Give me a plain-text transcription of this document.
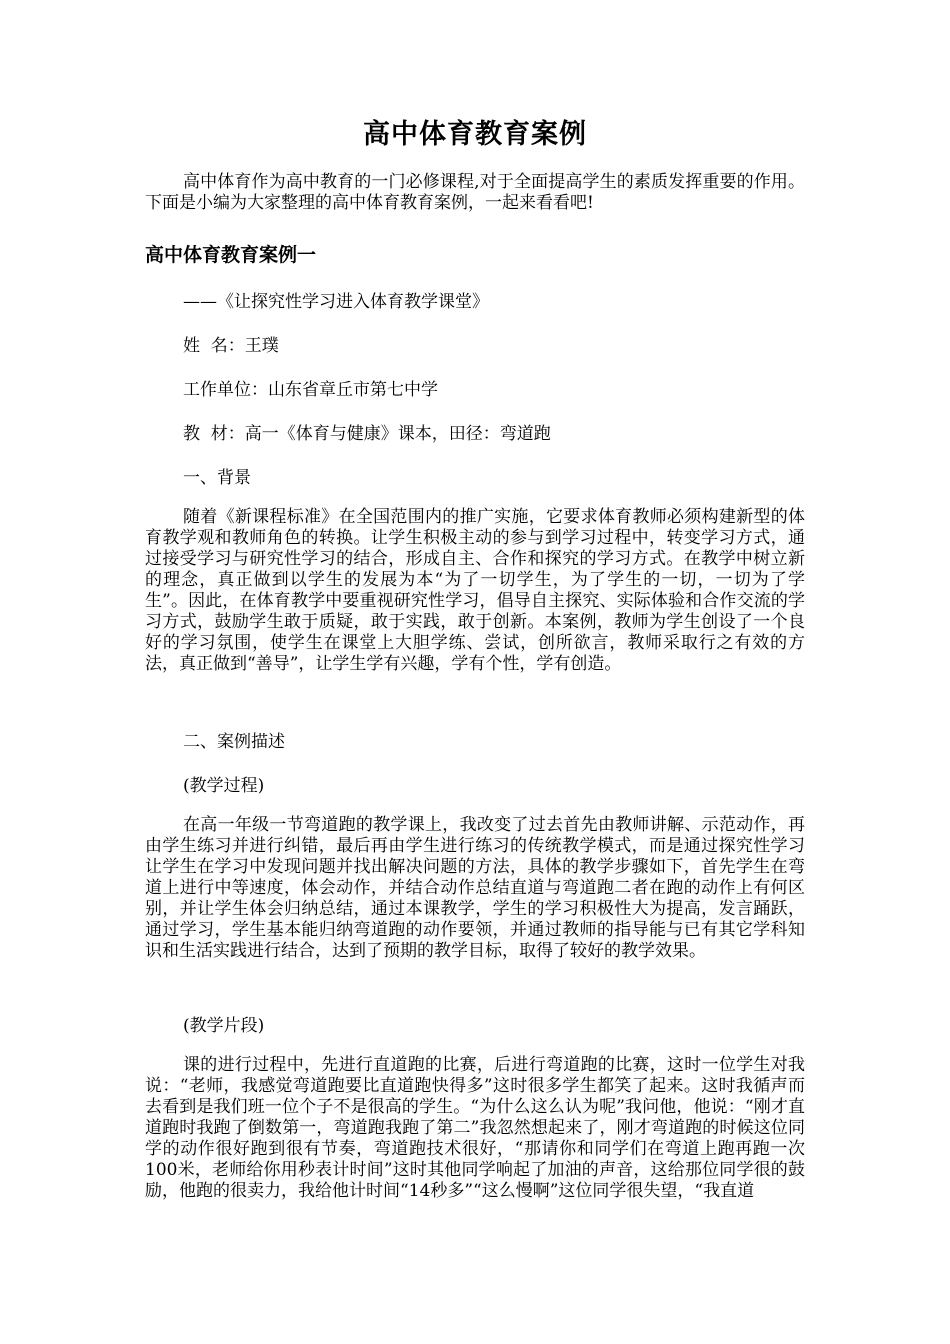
高中体育教育案例
高中体育作为高中教育的一门必修课程,对于全面提高学生的素质发挥重要的作用。下面是小编为大家整理的高中体育教育案例，一起来看看吧!
高中体育教育案例一
——《让探究性学习进入体育教学课堂》
姓  名：王璞
工作单位：山东省章丘市第七中学
教  材：高一《体育与健康》课本，田径：弯道跑
一、背景
随着《新课程标准》在全国范围内的推广实施，它要求体育教师必须构建新型的体育教学观和教师角色的转换。让学生积极主动的参与到学习过程中，转变学习方式，通过接受学习与研究性学习的结合，形成自主、合作和探究的学习方式。在教学中树立新的理念，真正做到以学生的发展为本“为了一切学生，为了学生的一切，一切为了学生”。因此，在体育教学中要重视研究性学习，倡导自主探究、实际体验和合作交流的学习方式，鼓励学生敢于质疑，敢于实践，敢于创新。本案例，教师为学生创设了一个良好的学习氛围，使学生在课堂上大胆学练、尝试，创所欲言，教师采取行之有效的方法，真正做到“善导”，让学生学有兴趣，学有个性，学有创造。
二、案例描述
(教学过程)
在高一年级一节弯道跑的教学课上，我改变了过去首先由教师讲解、示范动作，再由学生练习并进行纠错，最后再由学生进行练习的传统教学模式，而是通过探究性学习让学生在学习中发现问题并找出解决问题的方法，具体的教学步骤如下，首先学生在弯道上进行中等速度，体会动作，并结合动作总结直道与弯道跑二者在跑的动作上有何区别，并让学生体会归纳总结，通过本课教学，学生的学习积极性大为提高，发言踊跃，通过学习，学生基本能归纳弯道跑的动作要领，并通过教师的指导能与已有其它学科知识和生活实践进行结合，达到了预期的教学目标，取得了较好的教学效果。
(教学片段)
课的进行过程中，先进行直道跑的比赛，后进行弯道跑的比赛，这时一位学生对我说：“老师，我感觉弯道跑要比直道跑快得多”这时很多学生都笑了起来。这时我循声而去看到是我们班一位个子不是很高的学生。“为什么这么认为呢”我问他，他说：“刚才直道跑时我跑了倒数第一，弯道跑我跑了第二”我忽然想起来了，刚才弯道跑的时候这位同学的动作很好跑到很有节奏，弯道跑技术很好，“那请你和同学们在弯道上跑再跑一次100米，老师给你用秒表计时间”这时其他同学响起了加油的声音，这给那位同学很的鼓励，他跑的很卖力，我给他计时间“14秒多”“这么慢啊”这位同学很失望，“我直道
